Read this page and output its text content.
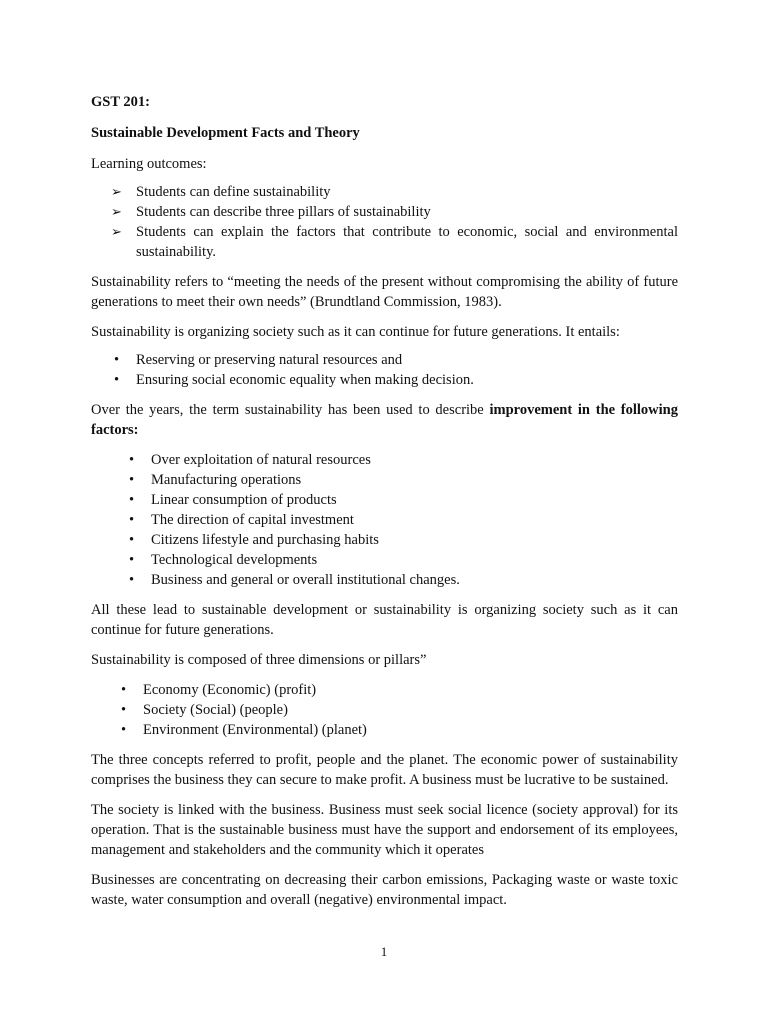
GST 201:

Sustainable Development Facts and Theory

Learning outcomes:

➢ Students can define sustainability
➢ Students can describe three pillars of sustainability
➢ Students can explain the factors that contribute to economic, social and environmental sustainability.

Sustainability refers to “meeting the needs of the present without compromising the ability of future generations to meet their own needs” (Brundtland Commission, 1983).

Sustainability is organizing society such as it can continue for future generations. It entails:

• Reserving or preserving natural resources and
• Ensuring social economic equality when making decision.

Over the years, the term sustainability has been used to describe improvement in the following factors:

• Over exploitation of natural resources
• Manufacturing operations
• Linear consumption of products
• The direction of capital investment
• Citizens lifestyle and purchasing habits
• Technological developments
• Business and general or overall institutional changes.

All these lead to sustainable development or sustainability is organizing society such as it can continue for future generations.

Sustainability is composed of three dimensions or pillars”

• Economy (Economic) (profit)
• Society (Social) (people)
• Environment (Environmental) (planet)

The three concepts referred to profit, people and the planet. The economic power of sustainability comprises the business they can secure to make profit. A business must be lucrative to be sustained.

The society is linked with the business. Business must seek social licence (society approval) for its operation. That is the sustainable business must have the support and endorsement of its employees, management and stakeholders and the community which it operates

Businesses are concentrating on decreasing their carbon emissions, Packaging waste or waste toxic waste, water consumption and overall (negative) environmental impact.

1
